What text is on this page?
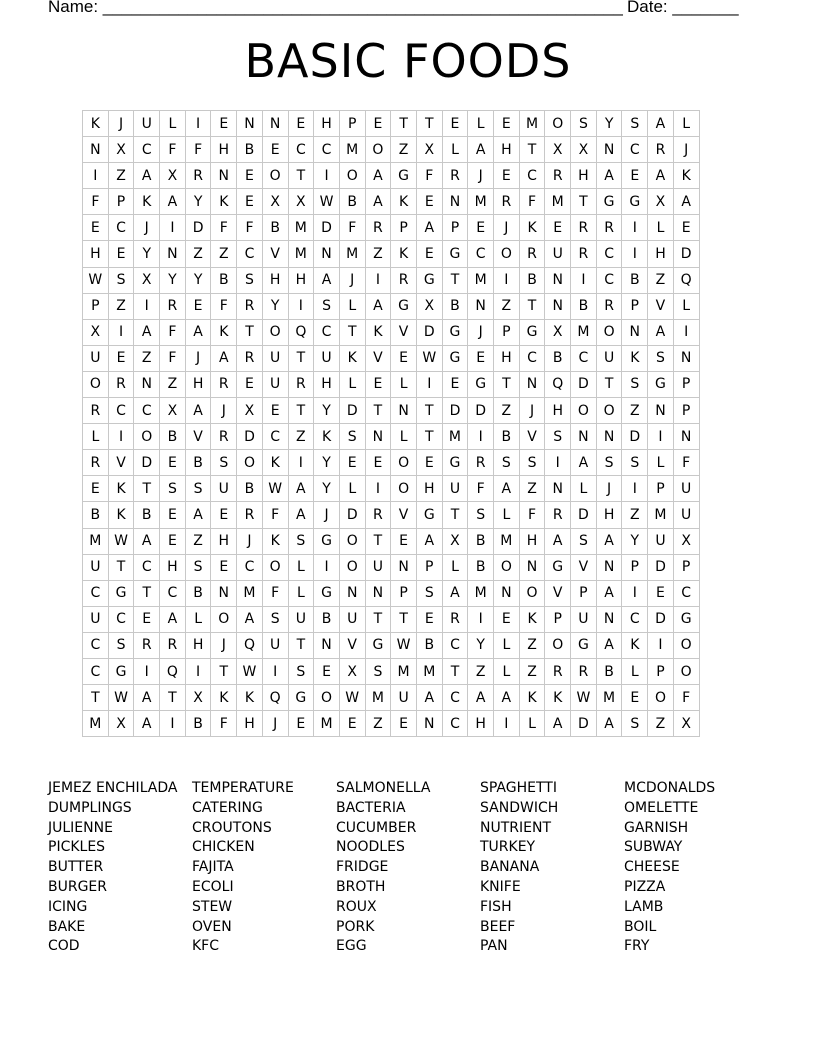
Name: _______________________________________________________ Date: _______
BASIC FOODS
K	J	U	L	I	E	N	N	E	H	P	E	T	T	E	L	E	M	O	S	Y	S	A	L
N	X	C	F	F	H	B	E	C	C	M	O	Z	X	L	A	H	T	X	X	N	C	R	J
I	Z	A	X	R	N	E	O	T	I	O	A	G	F	R	J	E	C	R	H	A	E	A	K
F	P	K	A	Y	K	E	X	X	W	B	A	K	E	N	M	R	F	M	T	G	G	X	A
E	C	J	I	D	F	F	B	M	D	F	R	P	A	P	E	J	K	E	R	R	I	L	E
H	E	Y	N	Z	Z	C	V	M	N	M	Z	K	E	G	C	O	R	U	R	C	I	H	D
W	S	X	Y	Y	B	S	H	H	A	J	I	R	G	T	M	I	B	N	I	C	B	Z	Q
P	Z	I	R	E	F	R	Y	I	S	L	A	G	X	B	N	Z	T	N	B	R	P	V	L
X	I	A	F	A	K	T	O	Q	C	T	K	V	D	G	J	P	G	X	M	O	N	A	I
U	E	Z	F	J	A	R	U	T	U	K	V	E	W	G	E	H	C	B	C	U	K	S	N
O	R	N	Z	H	R	E	U	R	H	L	E	L	I	E	G	T	N	Q	D	T	S	G	P
R	C	C	X	A	J	X	E	T	Y	D	T	N	T	D	D	Z	J	H	O	O	Z	N	P
L	I	O	B	V	R	D	C	Z	K	S	N	L	T	M	I	B	V	S	N	N	D	I	N
R	V	D	E	B	S	O	K	I	Y	E	E	O	E	G	R	S	S	I	A	S	S	L	F
E	K	T	S	S	U	B	W	A	Y	L	I	O	H	U	F	A	Z	N	L	J	I	P	U
B	K	B	E	A	E	R	F	A	J	D	R	V	G	T	S	L	F	R	D	H	Z	M	U
M	W	A	E	Z	H	J	K	S	G	O	T	E	A	X	B	M	H	A	S	A	Y	U	X
U	T	C	H	S	E	C	O	L	I	O	U	N	P	L	B	O	N	G	V	N	P	D	P
C	G	T	C	B	N	M	F	L	G	N	N	P	S	A	M	N	O	V	P	A	I	E	C
U	C	E	A	L	O	A	S	U	B	U	T	T	E	R	I	E	K	P	U	N	C	D	G
C	S	R	R	H	J	Q	U	T	N	V	G	W	B	C	Y	L	Z	O	G	A	K	I	O
C	G	I	Q	I	T	W	I	S	E	X	S	M	M	T	Z	L	Z	R	R	B	L	P	O
T	W	A	T	X	K	K	Q	G	O	W	M	U	A	C	A	A	K	K	W	M	E	O	F
M	X	A	I	B	F	H	J	E	M	E	Z	E	N	C	H	I	L	A	D	A	S	Z	X
JEMEZ ENCHILADA
DUMPLINGS
JULIENNE
PICKLES
BUTTER
BURGER
ICING
BAKE
COD
TEMPERATURE
CATERING
CROUTONS
CHICKEN
FAJITA
ECOLI
STEW
OVEN
KFC
SALMONELLA
BACTERIA
CUCUMBER
NOODLES
FRIDGE
BROTH
ROUX
PORK
EGG
SPAGHETTI
SANDWICH
NUTRIENT
TURKEY
BANANA
KNIFE
FISH
BEEF
PAN
MCDONALDS
OMELETTE
GARNISH
SUBWAY
CHEESE
PIZZA
LAMB
BOIL
FRY
